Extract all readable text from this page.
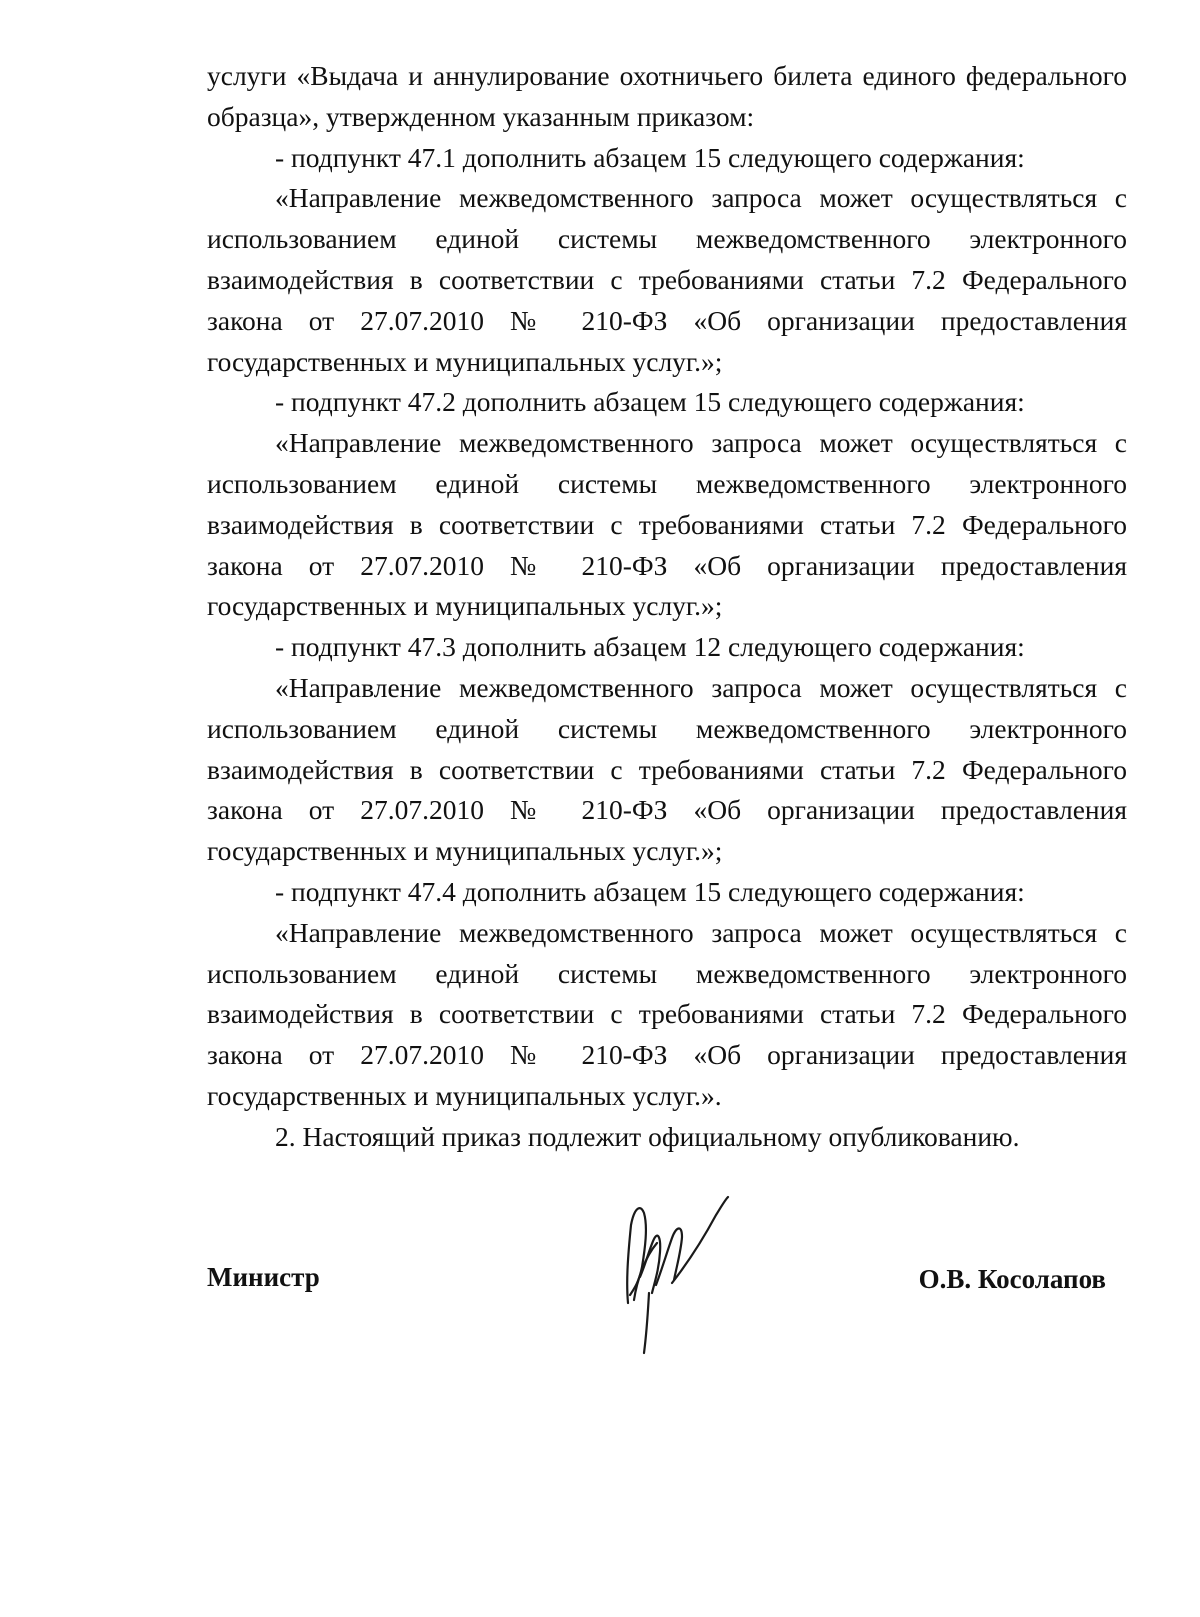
услуги «Выдача и аннулирование охотничьего билета единого федерального образца», утвержденном указанным приказом:

- подпункт 47.1 дополнить абзацем 15 следующего содержания:

«Направление межведомственного запроса может осуществляться с использованием единой системы межведомственного электронного взаимодействия в соответствии с требованиями статьи 7.2 Федерального закона от 27.07.2010 № 210-ФЗ «Об организации предоставления государственных и муниципальных услуг.»;

- подпункт 47.2 дополнить абзацем 15 следующего содержания:

«Направление межведомственного запроса может осуществляться с использованием единой системы межведомственного электронного взаимодействия в соответствии с требованиями статьи 7.2 Федерального закона от 27.07.2010 № 210-ФЗ «Об организации предоставления государственных и муниципальных услуг.»;

- подпункт 47.3 дополнить абзацем 12 следующего содержания:

«Направление межведомственного запроса может осуществляться с использованием единой системы межведомственного электронного взаимодействия в соответствии с требованиями статьи 7.2 Федерального закона от 27.07.2010 № 210-ФЗ «Об организации предоставления государственных и муниципальных услуг.»;

- подпункт 47.4 дополнить абзацем 15 следующего содержания:

«Направление межведомственного запроса может осуществляться с использованием единой системы межведомственного электронного взаимодействия в соответствии с требованиями статьи 7.2 Федерального закона от 27.07.2010 № 210-ФЗ «Об организации предоставления государственных и муниципальных услуг.».

2. Настоящий приказ подлежит официальному опубликованию.

Министр	О.В. Косолапов
